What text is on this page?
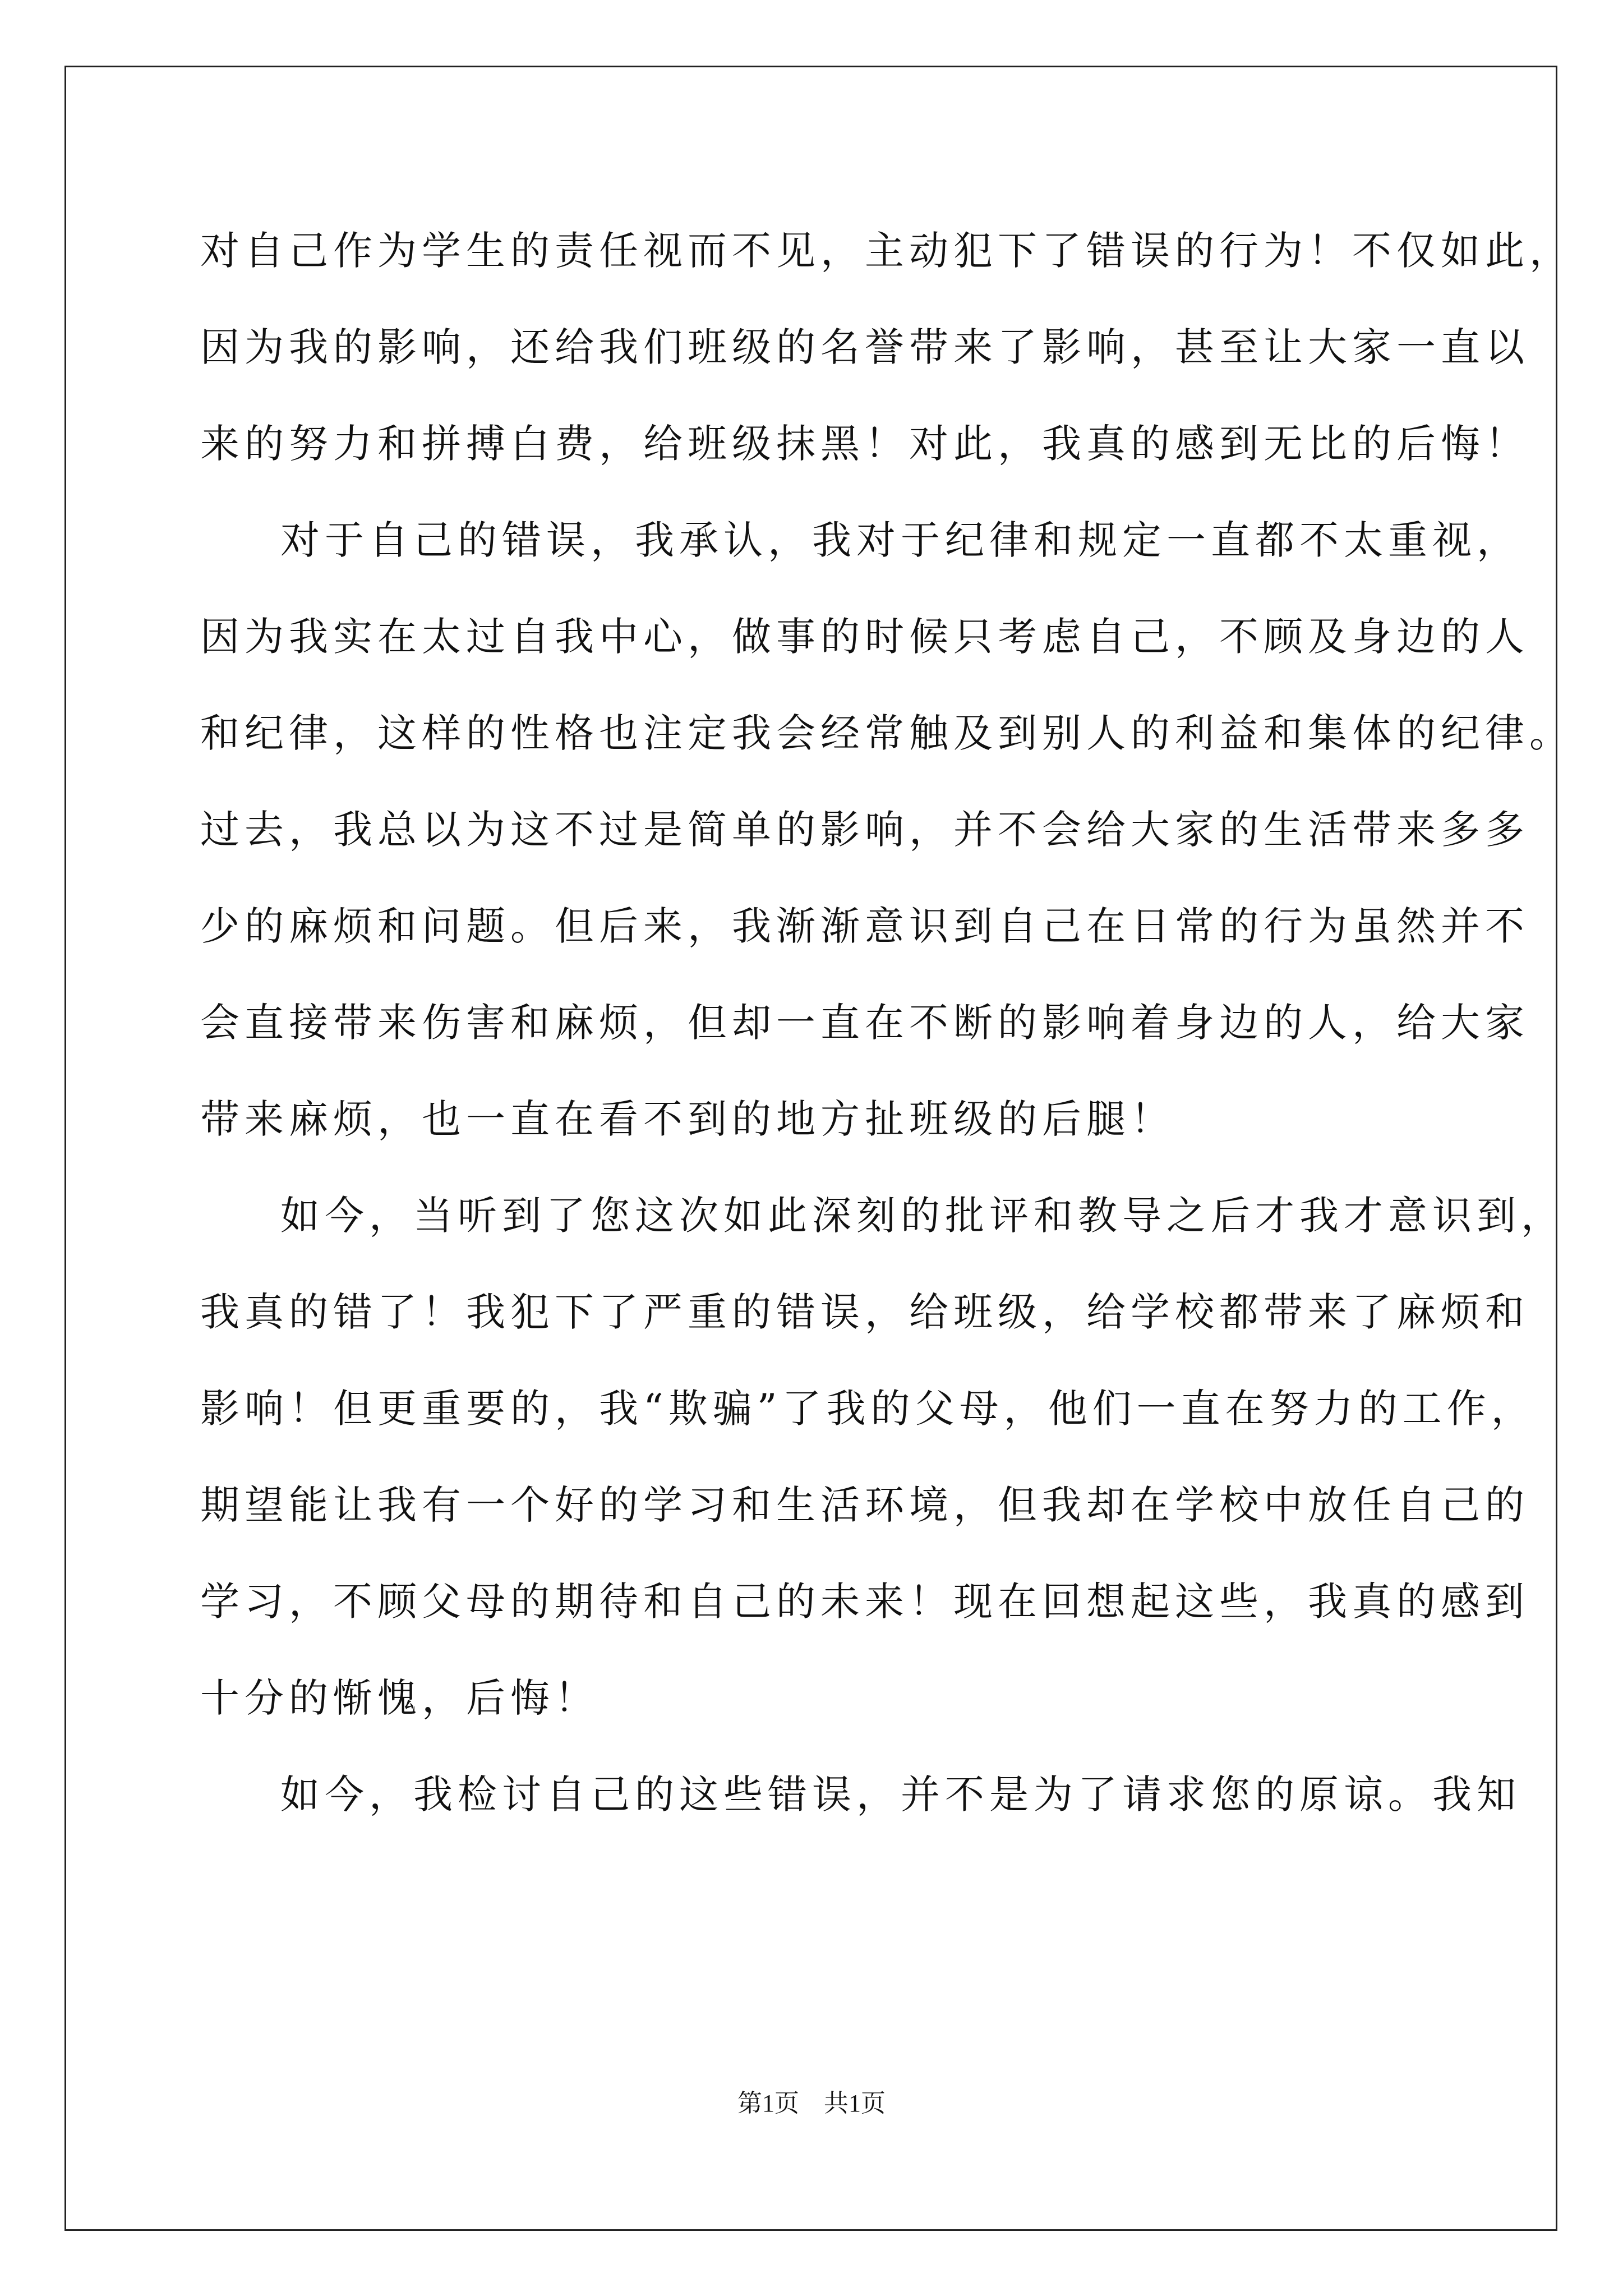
对自己作为学生的责任视而不见，主动犯下了错误的行为！不仅如此，
因为我的影响，还给我们班级的名誉带来了影响，甚至让大家一直以
来的努力和拼搏白费，给班级抹黑！对此，我真的感到无比的后悔！
对于自己的错误，我承认，我对于纪律和规定一直都不太重视，
因为我实在太过自我中心，做事的时候只考虑自己，不顾及身边的人
和纪律，这样的性格也注定我会经常触及到别人的利益和集体的纪律。
过去，我总以为这不过是简单的影响，并不会给大家的生活带来多多
少的麻烦和问题。但后来，我渐渐意识到自己在日常的行为虽然并不
会直接带来伤害和麻烦，但却一直在不断的影响着身边的人，给大家
带来麻烦，也一直在看不到的地方扯班级的后腿！
如今，当听到了您这次如此深刻的批评和教导之后才我才意识到，
我真的错了！我犯下了严重的错误，给班级，给学校都带来了麻烦和
影响！但更重要的，我“欺骗”了我的父母，他们一直在努力的工作，
期望能让我有一个好的学习和生活环境，但我却在学校中放任自己的
学习，不顾父母的期待和自己的未来！现在回想起这些，我真的感到
十分的惭愧，后悔！
如今，我检讨自己的这些错误，并不是为了请求您的原谅。我知
第1页　共1页
